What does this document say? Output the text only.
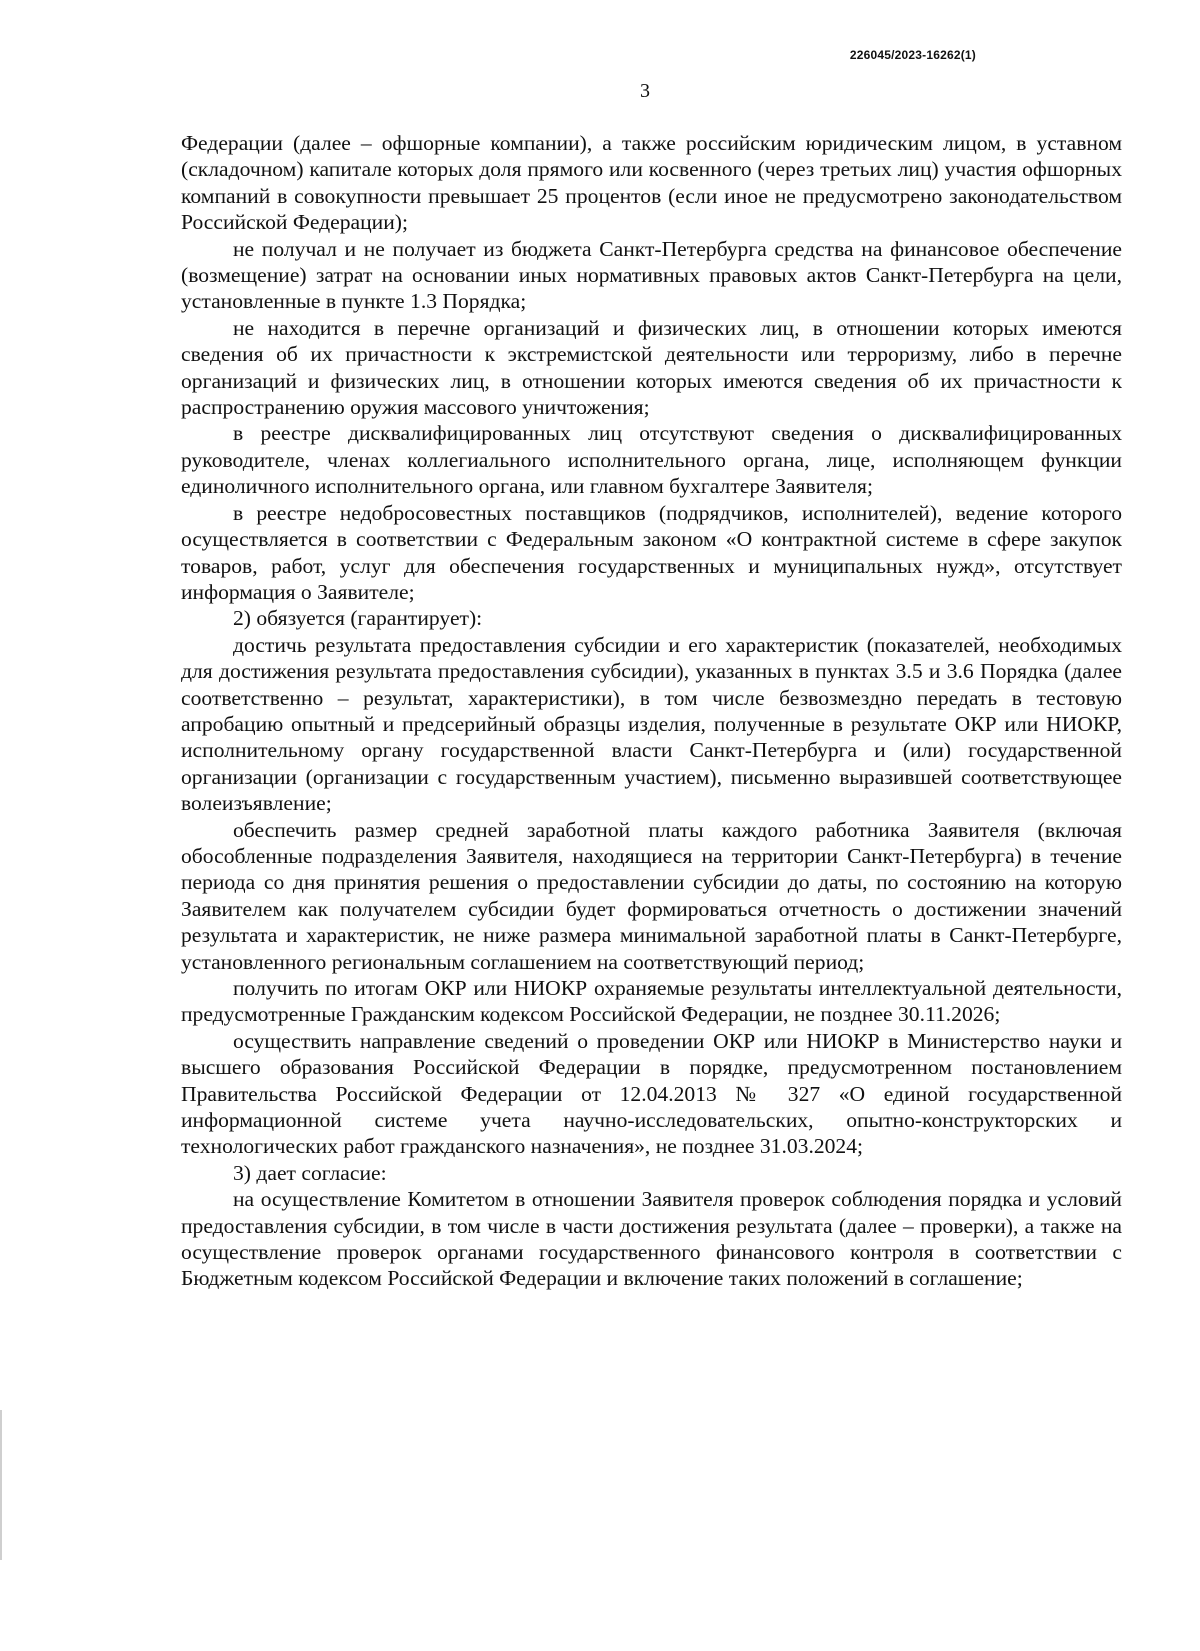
226045/2023-16262(1)
3

Федерации (далее – офшорные компании), а также российским юридическим лицом, в уставном (складочном) капитале которых доля прямого или косвенного (через третьих лиц) участия офшорных компаний в совокупности превышает 25 процентов (если иное не предусмотрено законодательством Российской Федерации);

не получал и не получает из бюджета Санкт-Петербурга средства на финансовое обеспечение (возмещение) затрат на основании иных нормативных правовых актов Санкт-Петербурга на цели, установленные в пункте 1.3 Порядка;

не находится в перечне организаций и физических лиц, в отношении которых имеются сведения об их причастности к экстремистской деятельности или терроризму, либо в перечне организаций и физических лиц, в отношении которых имеются сведения об их причастности к распространению оружия массового уничтожения;

в реестре дисквалифицированных лиц отсутствуют сведения о дисквалифицированных руководителе, членах коллегиального исполнительного органа, лице, исполняющем функции единоличного исполнительного органа, или главном бухгалтере Заявителя;

в реестре недобросовестных поставщиков (подрядчиков, исполнителей), ведение которого осуществляется в соответствии с Федеральным законом «О контрактной системе в сфере закупок товаров, работ, услуг для обеспечения государственных и муниципальных нужд», отсутствует информация о Заявителе;

2) обязуется (гарантирует):

достичь результата предоставления субсидии и его характеристик (показателей, необходимых для достижения результата предоставления субсидии), указанных в пунктах 3.5 и 3.6 Порядка (далее соответственно – результат, характеристики), в том числе безвозмездно передать в тестовую апробацию опытный и предсерийный образцы изделия, полученные в результате ОКР или НИОКР, исполнительному органу государственной власти Санкт-Петербурга и (или) государственной организации (организации с государственным участием), письменно выразившей соответствующее волеизъявление;

обеспечить размер средней заработной платы каждого работника Заявителя (включая обособленные подразделения Заявителя, находящиеся на территории Санкт-Петербурга) в течение периода со дня принятия решения о предоставлении субсидии до даты, по состоянию на которую Заявителем как получателем субсидии будет формироваться отчетность о достижении значений результата и характеристик, не ниже размера минимальной заработной платы в Санкт-Петербурге, установленного региональным соглашением на соответствующий период;

получить по итогам ОКР или НИОКР охраняемые результаты интеллектуальной деятельности, предусмотренные Гражданским кодексом Российской Федерации, не позднее 30.11.2026;

осуществить направление сведений о проведении ОКР или НИОКР в Министерство науки и высшего образования Российской Федерации в порядке, предусмотренном постановлением Правительства Российской Федерации от 12.04.2013 № 327 «О единой государственной информационной системе учета научно-исследовательских, опытно-конструкторских и технологических работ гражданского назначения», не позднее 31.03.2024;

3) дает согласие:

на осуществление Комитетом в отношении Заявителя проверок соблюдения порядка и условий предоставления субсидии, в том числе в части достижения результата (далее – проверки), а также на осуществление проверок органами государственного финансового контроля в соответствии с Бюджетным кодексом Российской Федерации и включение таких положений в соглашение;
